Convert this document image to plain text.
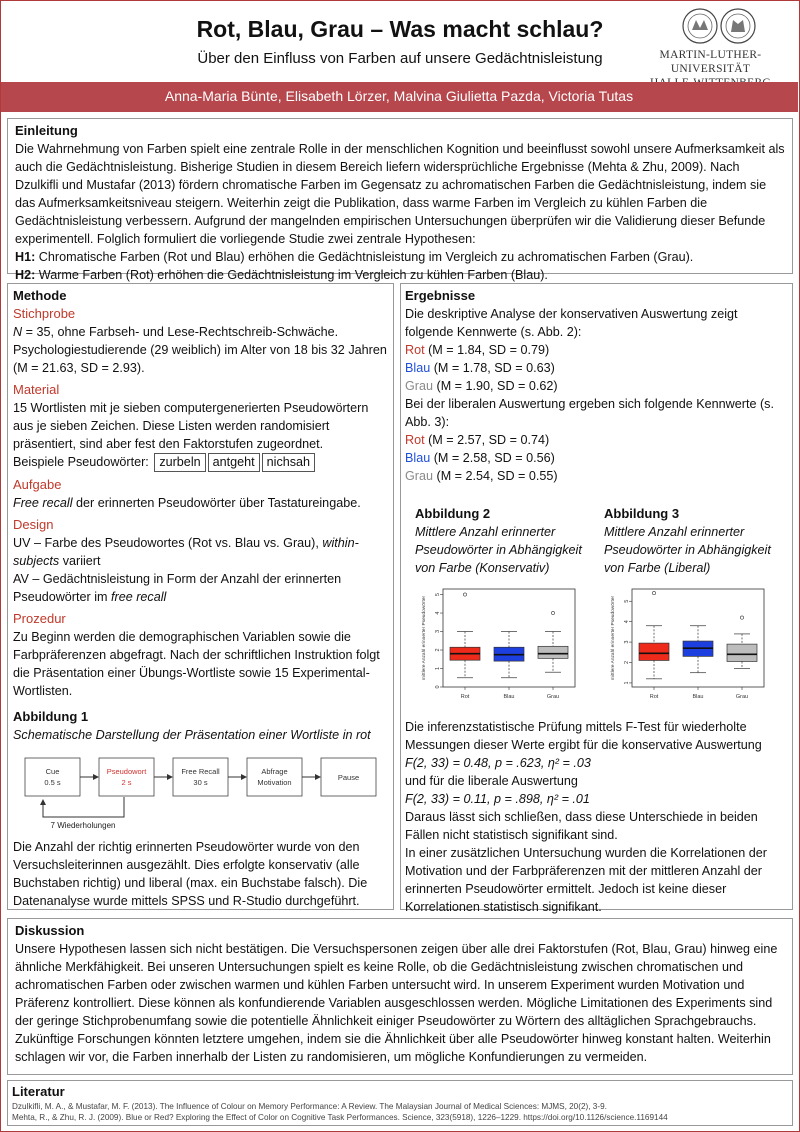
Rot, Blau, Grau – Was macht schlau?
Über den Einfluss von Farben auf unsere Gedächtnisleistung	MARTIN-LUTHER-UNIVERSITÄT
Anna-Maria Bünte, Elisabeth Lörzer, Malvina Giulietta Pazda, Victoria Tutas
Einleitung
Die Wahrnehmung von Farben spielt eine zentrale Rolle in der menschlichen Kognition und beeinflusst sowohl unsere Aufmerksamkeit als auch die Gedächtnisleistung. Bisherige Studien in diesem Bereich liefern widersprüchliche Ergebnisse (Mehta & Zhu, 2009). Nach Dzulkifli und Mustafar (2013) fördern chromatische Farben im Gegensatz zu achromatischen Farben die Gedächtnisleistung, indem sie das Aufmerksamkeitsniveau steigern. Weiterhin zeigt die Publikation, dass warme Farben im Vergleich zu kühlen Farben die Gedächtnisleistung verbessern. Aufgrund der mangelnden empirischen Untersuchungen überprüfen wir die Validierung dieser Befunde experimentell. Folglich formuliert die vorliegende Studie zwei zentrale Hypothesen:
H1: Chromatische Farben (Rot und Blau) erhöhen die Gedächtnisleistung im Vergleich zu achromatischen Farben (Grau).
H2: Warme Farben (Rot) erhöhen die Gedächtnisleistung im Vergleich zu kühlen Farben (Blau).
Methode
Stichprobe
N = 35, ohne Farbseh- und Lese-Rechtschreib-Schwäche. Psychologiestudierende (29 weiblich) im Alter von 18 bis 32 Jahren (M = 21.63, SD = 2.93).
Material
15 Wortlisten mit je sieben computergenerierten Pseudowörtern aus je sieben Zeichen. Diese Listen werden randomisiert präsentiert, sind aber fest den Faktorstufen zugeordnet.
Beispiele Pseudowörter: zurbeln antgeht nichsah
Aufgabe
Free recall der erinnerten Pseudowörter über Tastatureingabe.
Design
UV – Farbe des Pseudowortes (Rot vs. Blau vs. Grau), within-subjects variiert
AV – Gedächtnisleistung in Form der Anzahl der erinnerten Pseudowörter im free recall
Prozedur
Zu Beginn werden die demographischen Variablen sowie die Farbpräferenzen abgefragt. Nach der schriftlichen Instruktion folgt die Präsentation einer Übungs-Wortliste sowie 15 Experimental-Wortlisten.
Abbildung 1
Schematische Darstellung der Präsentation einer Wortliste in rot
Cue
0.5 s
Pseudowort
2 s
Free Recall
30 s
Abfrage
Motivation
Pause
7 Wiederholungen
Die Anzahl der richtig erinnerten Pseudowörter wurde von den Versuchsleiterinnen ausgezählt. Dies erfolgte konservativ (alle Buchstaben richtig) und liberal (max. ein Buchstabe falsch). Die Datenanalyse wurde mittels SPSS und R-Studio durchgeführt.
Ergebnisse
Die deskriptive Analyse der konservativen Auswertung zeigt folgende Kennwerte (s. Abb. 2):
Rot (M = 1.84, SD = 0.79)
Blau (M = 1.78, SD = 0.63)
Grau (M = 1.90, SD = 0.62)
Bei der liberalen Auswertung ergeben sich folgende Kennwerte (s. Abb. 3):
Rot (M = 2.57, SD = 0.74)
Blau (M = 2.58, SD = 0.56)
Grau (M = 2.54, SD = 0.55)
Abbildung 2
Mittlere Anzahl erinnerter Pseudowörter in Abhängigkeit von Farbe (Konservativ)
0
1
2
3
4
5
mittlere Anzahl erinnerter Pseudowörter
Rot	Blau	Grau
Abbildung 3
Mittlere Anzahl erinnerter Pseudowörter in Abhängigkeit von Farbe (Liberal)
1
2
3
4
5
mittlere Anzahl erinnerter Pseudowörter
Rot	Blau	Grau
Die inferenzstatistische Prüfung mittels F-Test für wiederholte Messungen dieser Werte ergibt für die konservative Auswertung
F(2, 33) = 0.48, p = .623, η² = .03
und für die liberale Auswertung
F(2, 33) = 0.11, p = .898, η² = .01
Daraus lässt sich schließen, dass diese Unterschiede in beiden Fällen nicht statistisch signifikant sind.
In einer zusätzlichen Untersuchung wurden die Korrelationen der Motivation und der Farbpräferenzen mit der mittleren Anzahl der erinnerten Pseudowörter ermittelt. Jedoch ist keine dieser Korrelationen statistisch signifikant.
Diskussion
Unsere Hypothesen lassen sich nicht bestätigen. Die Versuchspersonen zeigen über alle drei Faktorstufen (Rot, Blau, Grau) hinweg eine ähnliche Merkfähigkeit. Bei unseren Untersuchungen spielt es keine Rolle, ob die Gedächtnisleistung zwischen chromatischen und achromatischen Farben oder zwischen warmen und kühlen Farben untersucht wird. In unserem Experiment wurden Motivation und Präferenz kontrolliert. Diese können als konfundierende Variablen ausgeschlossen werden. Mögliche Limitationen des Experiments sind der geringe Stichprobenumfang sowie die potentielle Ähnlichkeit einiger Pseudowörter zu Wörtern des alltäglichen Sprachgebrauchs. Zukünftige Forschungen könnten letztere umgehen, indem sie die Ähnlichkeit über alle Pseudowörter hinweg konstant halten. Weiterhin schlagen wir vor, die Farben innerhalb der Listen zu randomisieren, um mögliche Konfundierungen zu vermeiden.
Literatur
Dzulkifli, M. A., & Mustafar, M. F. (2013). The Influence of Colour on Memory Performance: A Review. The Malaysian Journal of Medical Sciences: MJMS, 20(2), 3-9.
Mehta, R., & Zhu, R. J. (2009). Blue or Red? Exploring the Effect of Color on Cognitive Task Performances. Science, 323(5918), 1226–1229. https://doi.org/10.1126/science.1169144
